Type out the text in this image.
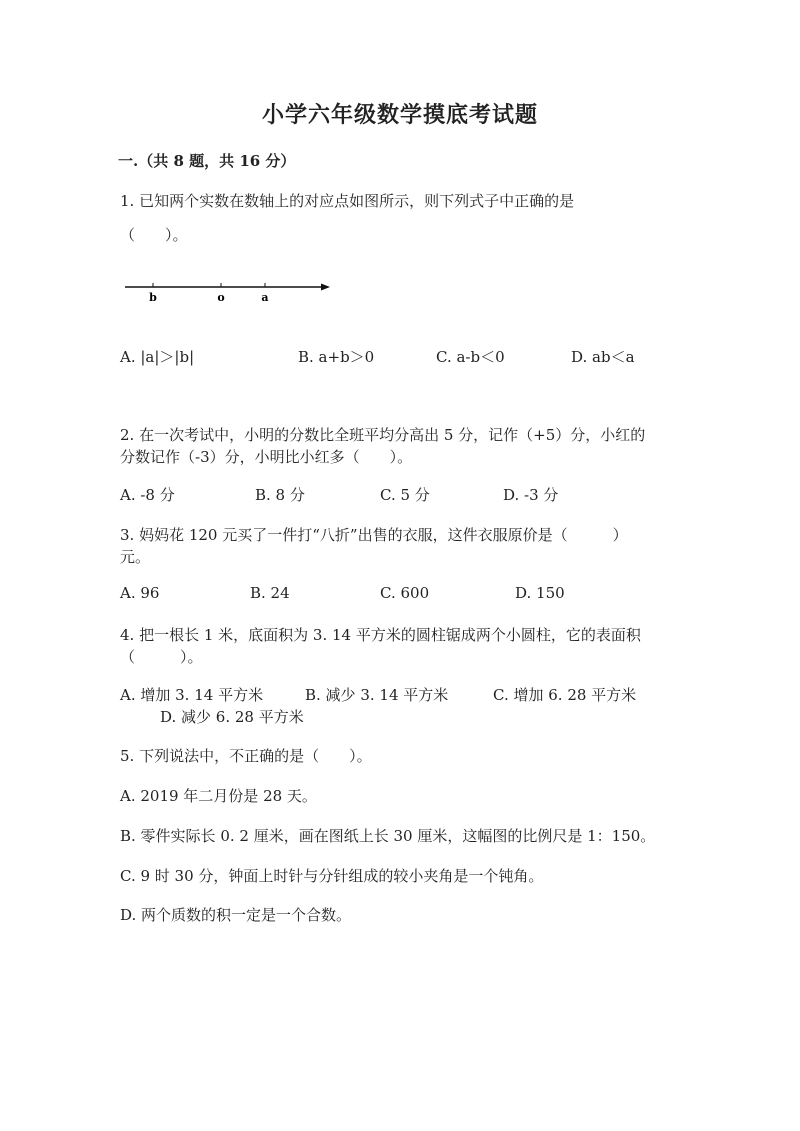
小学六年级数学摸底考试题
一.（共 8 题，共 16 分）
1. 已知两个实数在数轴上的对应点如图所示，则下列式子中正确的是
（　　）。
b	o	a
A. |a|＞|b|	B. a+b＞0	C. a-b＜0	D. ab＜a
2. 在一次考试中，小明的分数比全班平均分高出 5 分，记作（+5）分，小红的
分数记作（-3）分，小明比小红多（　　）。
A. -8 分	B. 8 分	C. 5 分	D. -3 分
3. 妈妈花 120 元买了一件打“八折”出售的衣服，这件衣服原价是（　　　）
元。
A. 96	B. 24	C. 600	D. 150
4. 把一根长 1 米，底面积为 3. 14 平方米的圆柱锯成两个小圆柱，它的表面积
（　　　）。
A. 增加 3. 14 平方米	B. 减少 3. 14 平方米	C. 增加 6. 28 平方米
D. 减少 6. 28 平方米
5. 下列说法中，不正确的是（　　）。
A. 2019 年二月份是 28 天。
B. 零件实际长 0. 2 厘米，画在图纸上长 30 厘米，这幅图的比例尺是 1：150。
C. 9 时 30 分，钟面上时针与分针组成的较小夹角是一个钝角。
D. 两个质数的积一定是一个合数。
